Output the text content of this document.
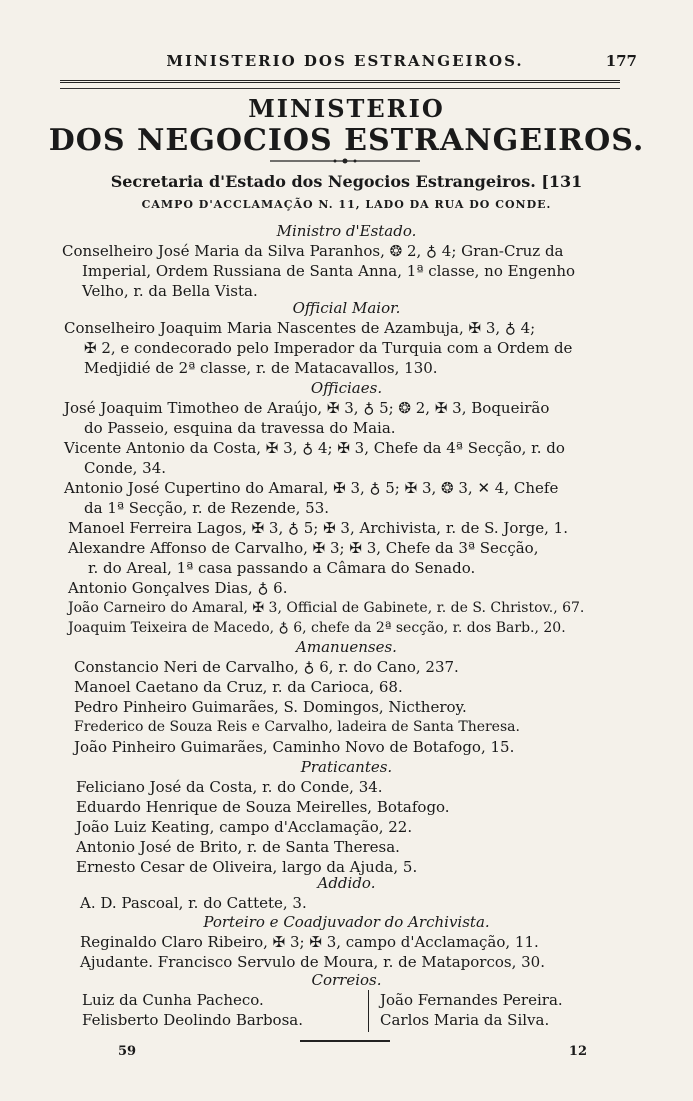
MINISTERIO DOS ESTRANGEIROS.	177
MINISTERIO
DOS NEGOCIOS ESTRANGEIROS.
Secretaria d'Estado dos Negocios Estrangeiros. [131
CAMPO D'ACCLAMAÇÃO N. 11, LADO DA RUA DO CONDE.
Ministro d'Estado.
Conselheiro José Maria da Silva Paranhos, ❂ 2, ♁ 4; Gran-Cruz da
Imperial, Ordem Russiana de Santa Anna, 1ª classe, no Engenho
Velho, r. da Bella Vista.
Official Maior.
Conselheiro Joaquim Maria Nascentes de Azambuja, ✠ 3, ♁ 4;
✠ 2, e condecorado pelo Imperador da Turquia com a Ordem de
Medjidié de 2ª classe, r. de Matacavallos, 130.
Officiaes.
José Joaquim Timotheo de Araújo, ✠ 3, ♁ 5; ❂ 2, ✠ 3, Boqueirão
do Passeio, esquina da travessa do Maia.
Vicente Antonio da Costa, ✠ 3, ♁ 4; ✠ 3, Chefe da 4ª Secção, r. do
Conde, 34.
Antonio José Cupertino do Amaral, ✠ 3, ♁ 5; ✠ 3, ❂ 3, ✕ 4, Chefe
da 1ª Secção, r. de Rezende, 53.
Manoel Ferreira Lagos, ✠ 3, ♁ 5; ✠ 3, Archivista, r. de S. Jorge, 1.
Alexandre Affonso de Carvalho, ✠ 3; ✠ 3, Chefe da 3ª Secção,
r. do Areal, 1ª casa passando a Câmara do Senado.
Antonio Gonçalves Dias, ♁ 6.
João Carneiro do Amaral, ✠ 3, Official de Gabinete, r. de S. Christov., 67.
Joaquim Teixeira de Macedo, ♁ 6, chefe da 2ª secção, r. dos Barb., 20.
Amanuenses.
Constancio Neri de Carvalho, ♁ 6, r. do Cano, 237.
Manoel Caetano da Cruz, r. da Carioca, 68.
Pedro Pinheiro Guimarães, S. Domingos, Nictheroy.
Frederico de Souza Reis e Carvalho, ladeira de Santa Theresa.
João Pinheiro Guimarães, Caminho Novo de Botafogo, 15.
Praticantes.
Feliciano José da Costa, r. do Conde, 34.
Eduardo Henrique de Souza Meirelles, Botafogo.
João Luiz Keating, campo d'Acclamação, 22.
Antonio José de Brito, r. de Santa Theresa.
Ernesto Cesar de Oliveira, largo da Ajuda, 5.
Addido.
A. D. Pascoal, r. do Cattete, 3.
Porteiro e Coadjuvador do Archivista.
Reginaldo Claro Ribeiro, ✠ 3; ✠ 3, campo d'Acclamação, 11.
Ajudante. Francisco Servulo de Moura, r. de Mataporcos, 30.
Correios.
Luiz da Cunha Pacheco.
Felisberto Deolindo Barbosa.
João Fernandes Pereira.
Carlos Maria da Silva.
59	12
